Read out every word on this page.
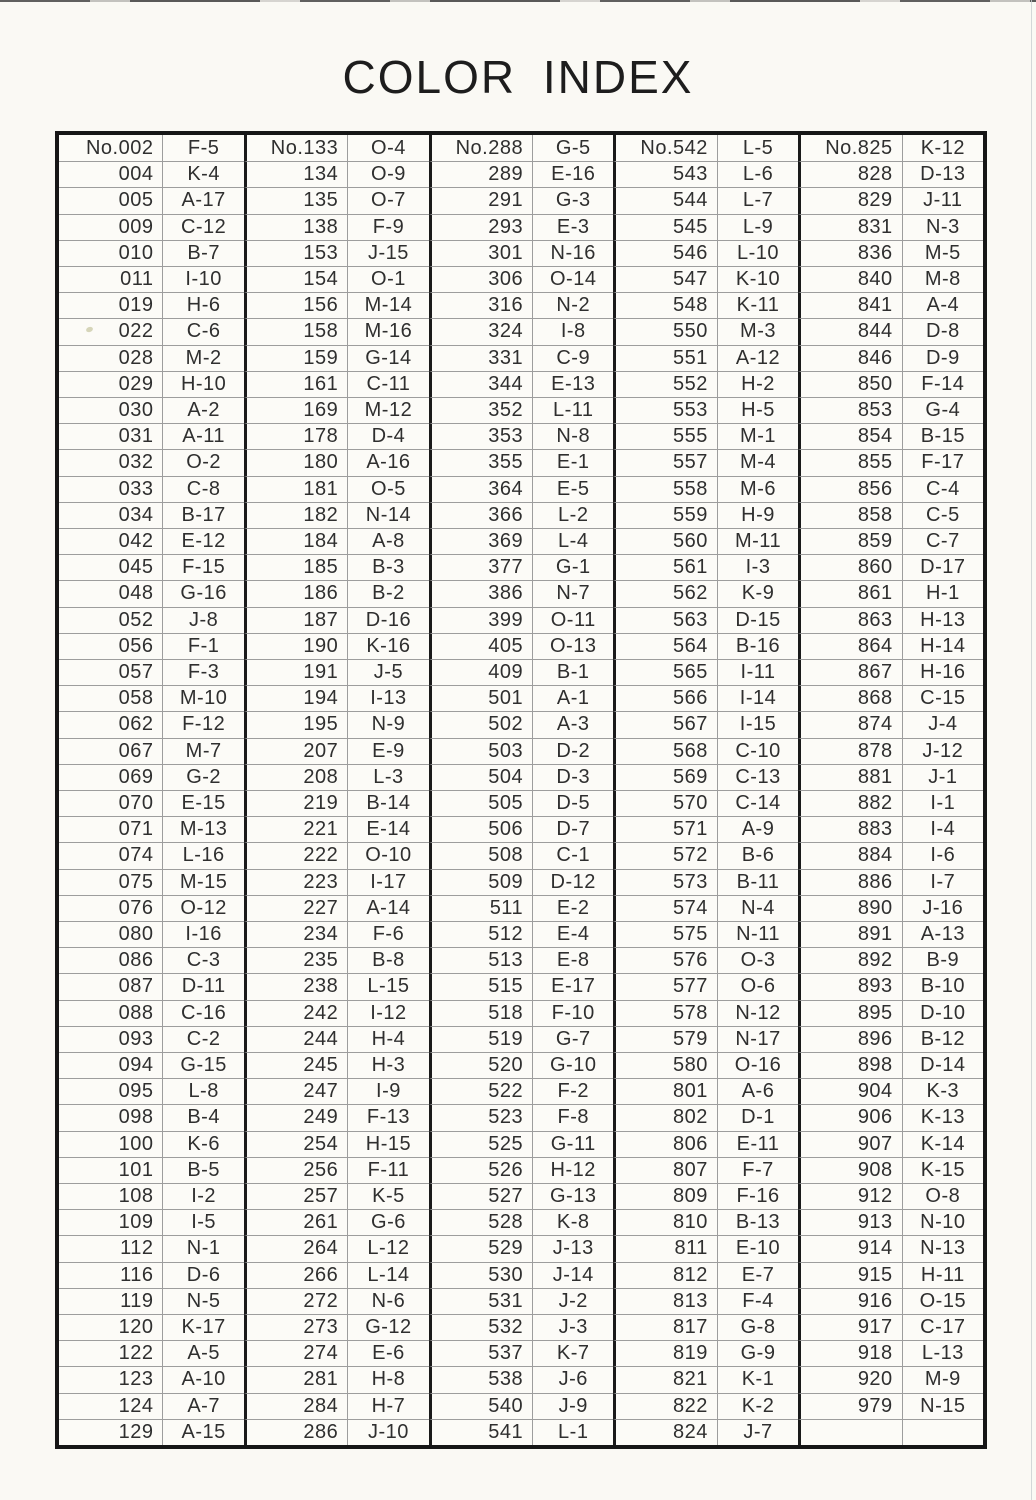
COLOR INDEX
No.002	F-5	No.133	O-4	No.288	G-5	No.542	L-5	No.825	K-12
004	K-4	134	O-9	289	E-16	543	L-6	828	D-13
005	A-17	135	O-7	291	G-3	544	L-7	829	J-11
009	C-12	138	F-9	293	E-3	545	L-9	831	N-3
010	B-7	153	J-15	301	N-16	546	L-10	836	M-5
011	I-10	154	O-1	306	O-14	547	K-10	840	M-8
019	H-6	156	M-14	316	N-2	548	K-11	841	A-4
022	C-6	158	M-16	324	I-8	550	M-3	844	D-8
028	M-2	159	G-14	331	C-9	551	A-12	846	D-9
029	H-10	161	C-11	344	E-13	552	H-2	850	F-14
030	A-2	169	M-12	352	L-11	553	H-5	853	G-4
031	A-11	178	D-4	353	N-8	555	M-1	854	B-15
032	O-2	180	A-16	355	E-1	557	M-4	855	F-17
033	C-8	181	O-5	364	E-5	558	M-6	856	C-4
034	B-17	182	N-14	366	L-2	559	H-9	858	C-5
042	E-12	184	A-8	369	L-4	560	M-11	859	C-7
045	F-15	185	B-3	377	G-1	561	I-3	860	D-17
048	G-16	186	B-2	386	N-7	562	K-9	861	H-1
052	J-8	187	D-16	399	O-11	563	D-15	863	H-13
056	F-1	190	K-16	405	O-13	564	B-16	864	H-14
057	F-3	191	J-5	409	B-1	565	I-11	867	H-16
058	M-10	194	I-13	501	A-1	566	I-14	868	C-15
062	F-12	195	N-9	502	A-3	567	I-15	874	J-4
067	M-7	207	E-9	503	D-2	568	C-10	878	J-12
069	G-2	208	L-3	504	D-3	569	C-13	881	J-1
070	E-15	219	B-14	505	D-5	570	C-14	882	I-1
071	M-13	221	E-14	506	D-7	571	A-9	883	I-4
074	L-16	222	O-10	508	C-1	572	B-6	884	I-6
075	M-15	223	I-17	509	D-12	573	B-11	886	I-7
076	O-12	227	A-14	511	E-2	574	N-4	890	J-16
080	I-16	234	F-6	512	E-4	575	N-11	891	A-13
086	C-3	235	B-8	513	E-8	576	O-3	892	B-9
087	D-11	238	L-15	515	E-17	577	O-6	893	B-10
088	C-16	242	I-12	518	F-10	578	N-12	895	D-10
093	C-2	244	H-4	519	G-7	579	N-17	896	B-12
094	G-15	245	H-3	520	G-10	580	O-16	898	D-14
095	L-8	247	I-9	522	F-2	801	A-6	904	K-3
098	B-4	249	F-13	523	F-8	802	D-1	906	K-13
100	K-6	254	H-15	525	G-11	806	E-11	907	K-14
101	B-5	256	F-11	526	H-12	807	F-7	908	K-15
108	I-2	257	K-5	527	G-13	809	F-16	912	O-8
109	I-5	261	G-6	528	K-8	810	B-13	913	N-10
112	N-1	264	L-12	529	J-13	811	E-10	914	N-13
116	D-6	266	L-14	530	J-14	812	E-7	915	H-11
119	N-5	272	N-6	531	J-2	813	F-4	916	O-15
120	K-17	273	G-12	532	J-3	817	G-8	917	C-17
122	A-5	274	E-6	537	K-7	819	G-9	918	L-13
123	A-10	281	H-8	538	J-6	821	K-1	920	M-9
124	A-7	284	H-7	540	J-9	822	K-2	979	N-15
129	A-15	286	J-10	541	L-1	824	J-7
